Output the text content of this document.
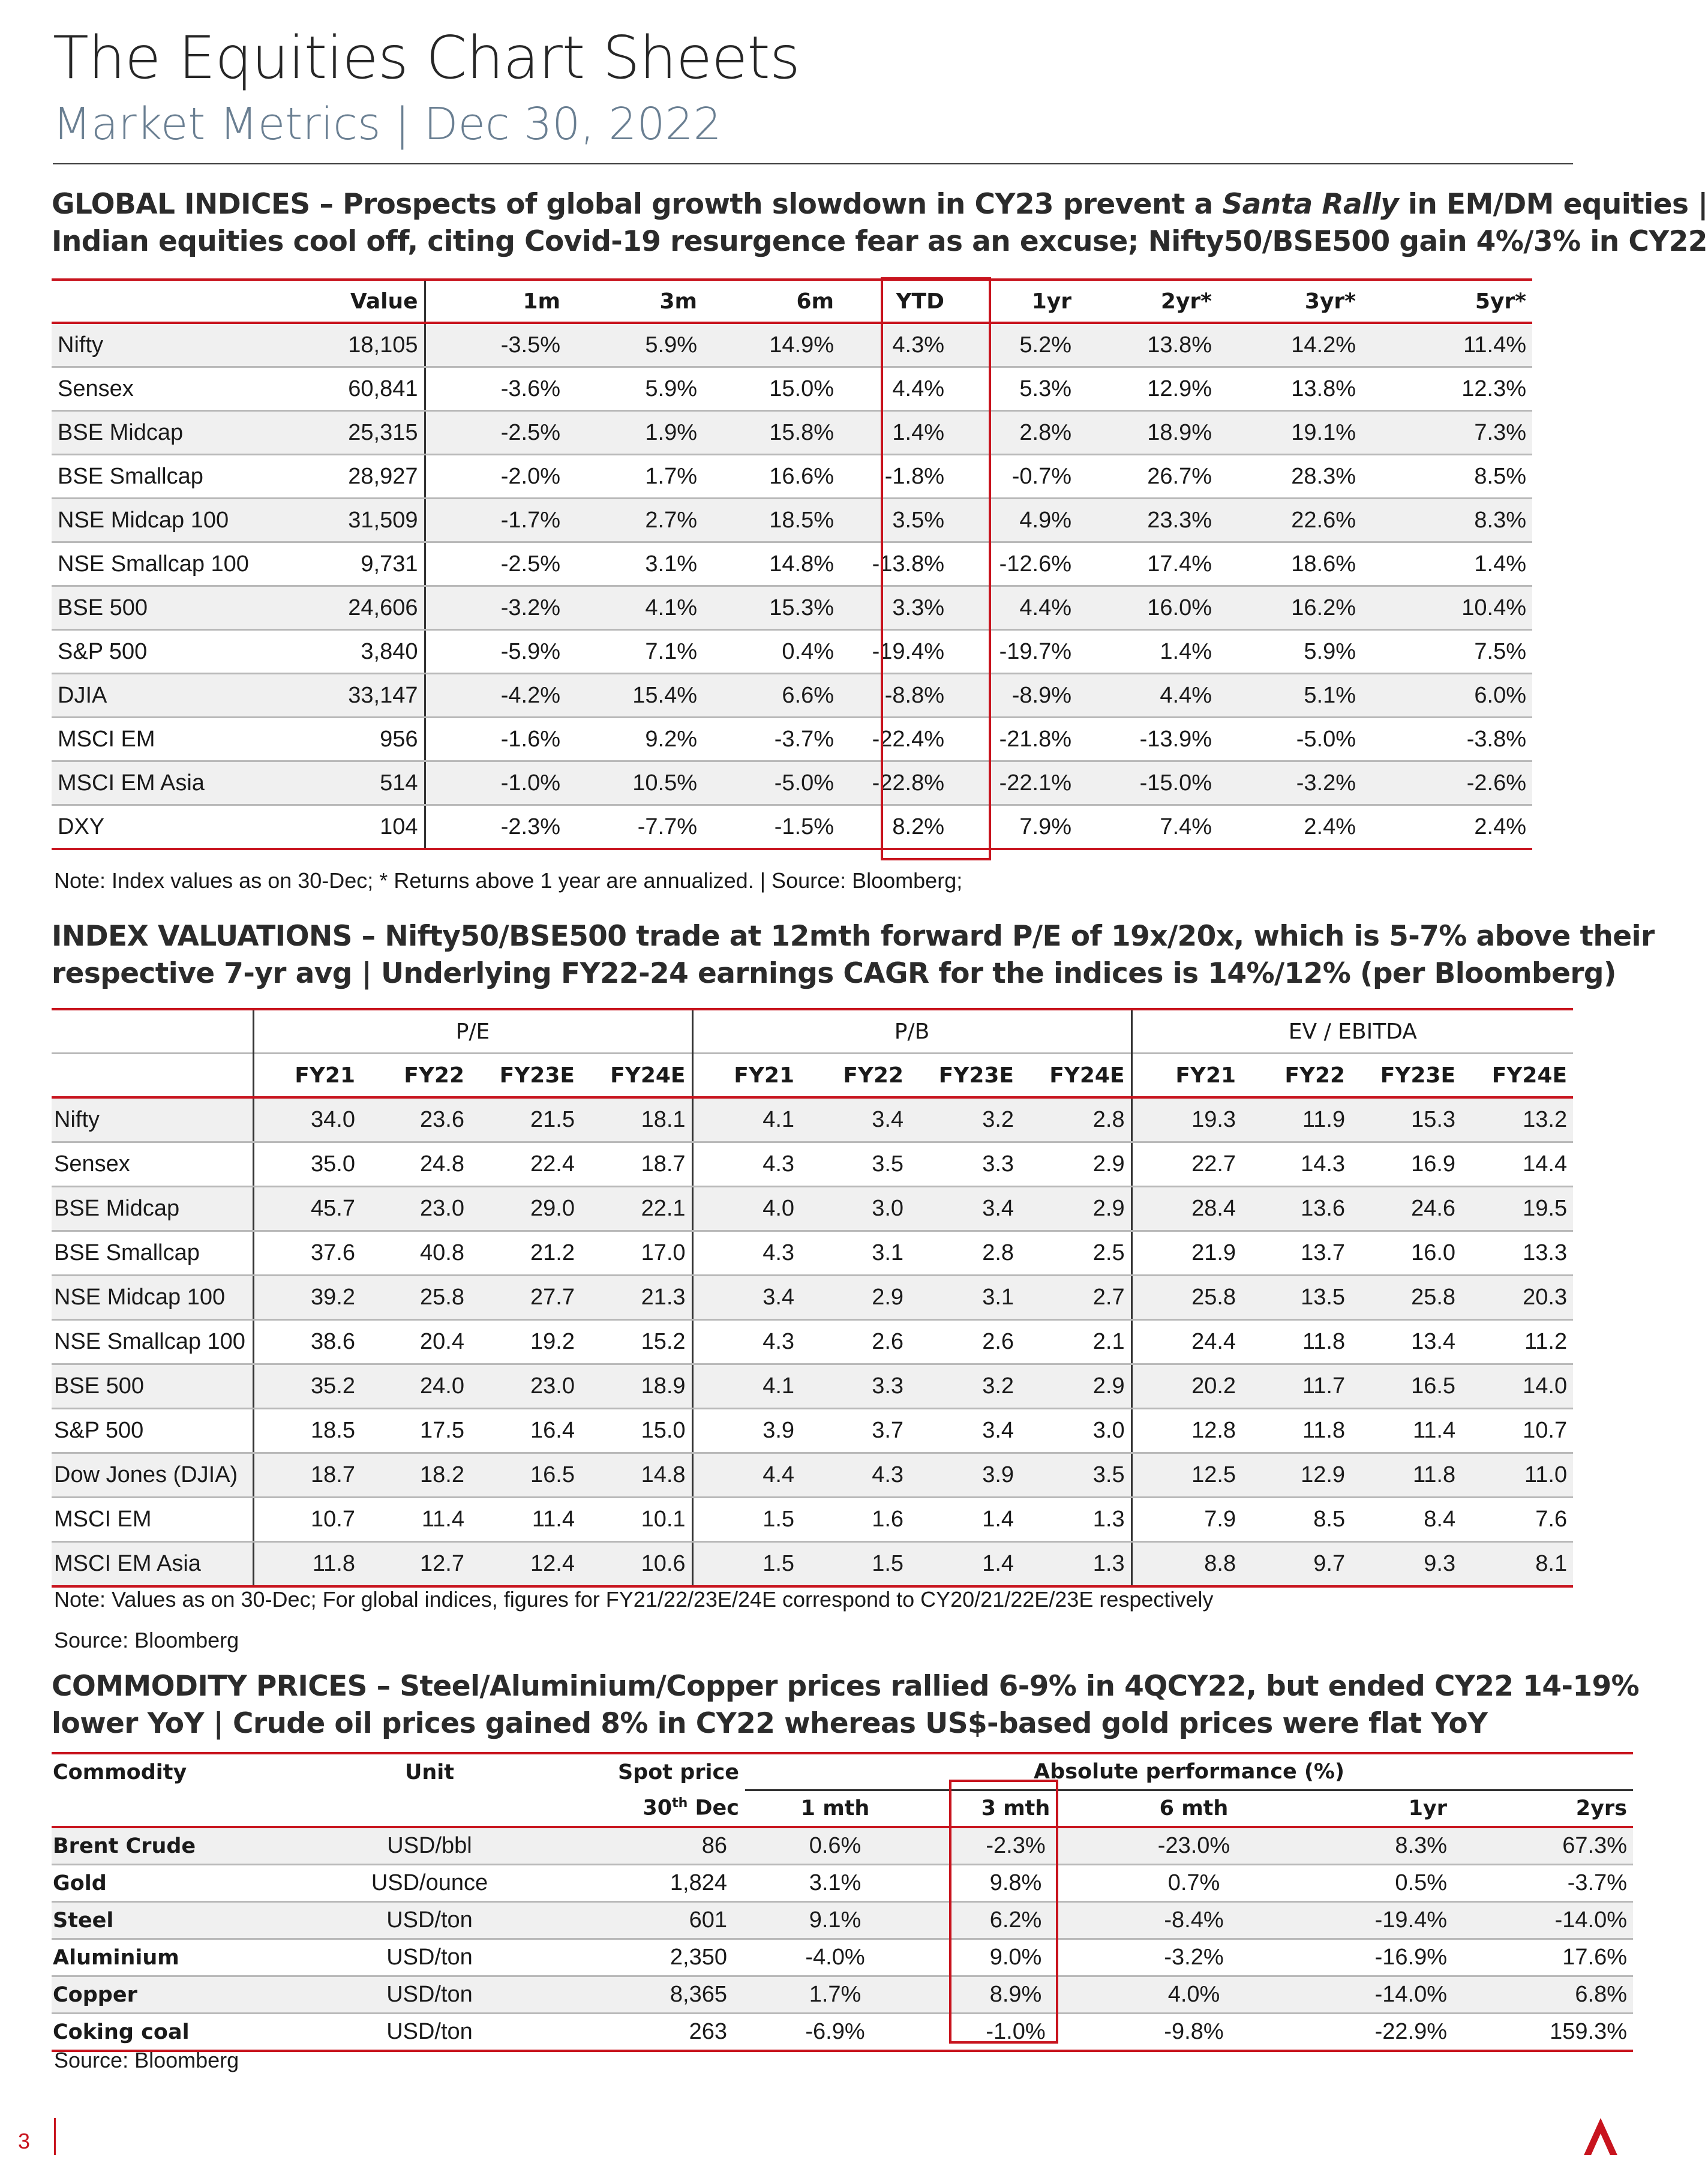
The Equities Chart Sheets
Market Metrics | Dec 30, 2022
GLOBAL INDICES – Prospects of global growth slowdown in CY23 prevent a Santa Rally in EM/DM equities |
Indian equities cool off, citing Covid-19 resurgence fear as an excuse; Nifty50/BSE500 gain 4%/3% in CY22
	Value	1m	3m	6m	YTD	1yr	2yr*	3yr*	5yr*
Nifty	18,105	-3.5%	5.9%	14.9%	4.3%	5.2%	13.8%	14.2%	11.4%
Sensex	60,841	-3.6%	5.9%	15.0%	4.4%	5.3%	12.9%	13.8%	12.3%
BSE Midcap	25,315	-2.5%	1.9%	15.8%	1.4%	2.8%	18.9%	19.1%	7.3%
BSE Smallcap	28,927	-2.0%	1.7%	16.6%	-1.8%	-0.7%	26.7%	28.3%	8.5%
NSE Midcap 100	31,509	-1.7%	2.7%	18.5%	3.5%	4.9%	23.3%	22.6%	8.3%
NSE Smallcap 100	9,731	-2.5%	3.1%	14.8%	-13.8%	-12.6%	17.4%	18.6%	1.4%
BSE 500	24,606	-3.2%	4.1%	15.3%	3.3%	4.4%	16.0%	16.2%	10.4%
S&P 500	3,840	-5.9%	7.1%	0.4%	-19.4%	-19.7%	1.4%	5.9%	7.5%
DJIA	33,147	-4.2%	15.4%	6.6%	-8.8%	-8.9%	4.4%	5.1%	6.0%
MSCI EM	956	-1.6%	9.2%	-3.7%	-22.4%	-21.8%	-13.9%	-5.0%	-3.8%
MSCI EM Asia	514	-1.0%	10.5%	-5.0%	-22.8%	-22.1%	-15.0%	-3.2%	-2.6%
DXY	104	-2.3%	-7.7%	-1.5%	8.2%	7.9%	7.4%	2.4%	2.4%
Note: Index values as on 30-Dec; * Returns above 1 year are annualized. | Source: Bloomberg;
INDEX VALUATIONS – Nifty50/BSE500 trade at 12mth forward P/E of 19x/20x, which is 5-7% above their
respective 7-yr avg | Underlying FY22-24 earnings CAGR for the indices is 14%/12% (per Bloomberg)
	P/E				P/B				EV / EBITDA			
	FY21	FY22	FY23E	FY24E	FY21	FY22	FY23E	FY24E	FY21	FY22	FY23E	FY24E
Nifty	34.0	23.6	21.5	18.1	4.1	3.4	3.2	2.8	19.3	11.9	15.3	13.2
Sensex	35.0	24.8	22.4	18.7	4.3	3.5	3.3	2.9	22.7	14.3	16.9	14.4
BSE Midcap	45.7	23.0	29.0	22.1	4.0	3.0	3.4	2.9	28.4	13.6	24.6	19.5
BSE Smallcap	37.6	40.8	21.2	17.0	4.3	3.1	2.8	2.5	21.9	13.7	16.0	13.3
NSE Midcap 100	39.2	25.8	27.7	21.3	3.4	2.9	3.1	2.7	25.8	13.5	25.8	20.3
NSE Smallcap 100	38.6	20.4	19.2	15.2	4.3	2.6	2.6	2.1	24.4	11.8	13.4	11.2
BSE 500	35.2	24.0	23.0	18.9	4.1	3.3	3.2	2.9	20.2	11.7	16.5	14.0
S&P 500	18.5	17.5	16.4	15.0	3.9	3.7	3.4	3.0	12.8	11.8	11.4	10.7
Dow Jones (DJIA)	18.7	18.2	16.5	14.8	4.4	4.3	3.9	3.5	12.5	12.9	11.8	11.0
MSCI EM	10.7	11.4	11.4	10.1	1.5	1.6	1.4	1.3	7.9	8.5	8.4	7.6
MSCI EM Asia	11.8	12.7	12.4	10.6	1.5	1.5	1.4	1.3	8.8	9.7	9.3	8.1
Note: Values as on 30-Dec; For global indices, figures for FY21/22/23E/24E correspond to CY20/21/22E/23E respectively
Source: Bloomberg
COMMODITY PRICES – Steel/Aluminium/Copper prices rallied 6-9% in 4QCY22, but ended CY22 14-19%
lower YoY | Crude oil prices gained 8% in CY22 whereas US$-based gold prices were flat YoY
Commodity	Unit	Spot price	Absolute performance (%)				
		30th Dec	1 mth	3 mth	6 mth	1yr	2yrs
Brent Crude	USD/bbl	86	0.6%	-2.3%	-23.0%	8.3%	67.3%
Gold	USD/ounce	1,824	3.1%	9.8%	0.7%	0.5%	-3.7%
Steel	USD/ton	601	9.1%	6.2%	-8.4%	-19.4%	-14.0%
Aluminium	USD/ton	2,350	-4.0%	9.0%	-3.2%	-16.9%	17.6%
Copper	USD/ton	8,365	1.7%	8.9%	4.0%	-14.0%	6.8%
Coking coal	USD/ton	263	-6.9%	-1.0%	-9.8%	-22.9%	159.3%
Source: Bloomberg
3
